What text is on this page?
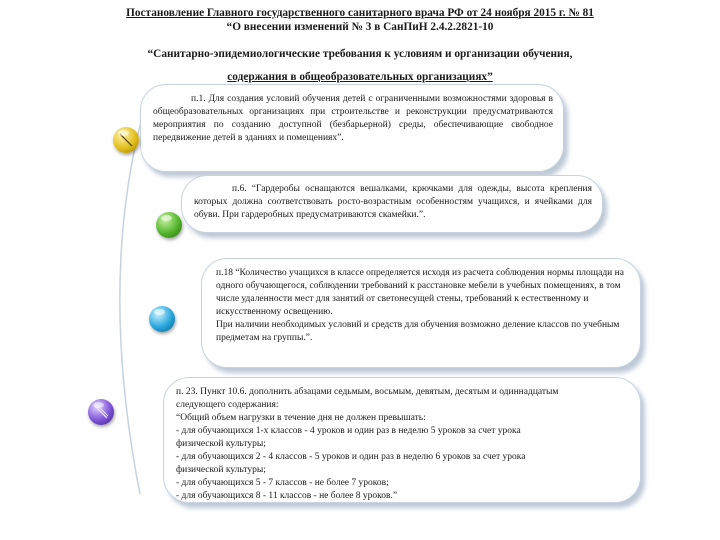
Постановление Главного государственного санитарного врача РФ от 24 ноября 2015 г. № 81
“О внесении изменений № 3 в СанПиН 2.4.2.2821-10
“Санитарно-эпидемиологические требования к условиям и организации обучения,
содержания в общеобразовательных организациях”

п.1. Для создания условий обучения детей с ограниченными возможностями здоровья в общеобразовательных организациях при строительстве и реконструкции предусматриваются мероприятия по созданию доступной (безбарьерной) среды, обеспечивающие свободное передвижение детей в зданиях и помещениях”.

п.6. “Гардеробы оснащаются вешалками, крючками для одежды, высота крепления которых должна соответствовать росто-возрастным особенностям учащихся, и ячейками для обуви. При гардеробных предусматриваются скамейки.”.

п.18 “Количество учащихся в классе определяется исходя из расчета соблюдения нормы площади на одного обучающегося, соблюдении требований к расстановке мебели в учебных помещениях, в том числе удаленности мест для занятий от светонесущей стены, требований к естественному и искусственному освещению.

При наличии необходимых условий и средств для обучения возможно деление классов по учебным предметам на группы.”.

п. 23. Пункт 10.6. дополнить абзацами седьмым, восьмым, девятым, десятым и одиннадцатым

следующего содержания:

“Общий объем нагрузки в течение дня не должен превышать:

- для обучающихся 1-х классов - 4 уроков и один раз в неделю 5 уроков за счет урока

физической культуры;

- для обучающихся 2 - 4 классов - 5 уроков и один раз в неделю 6 уроков за счет урока

физической культуры;

- для обучающихся 5 - 7 классов - не более 7 уроков;

- для обучающихся 8 - 11 классов - не более 8 уроков.”
